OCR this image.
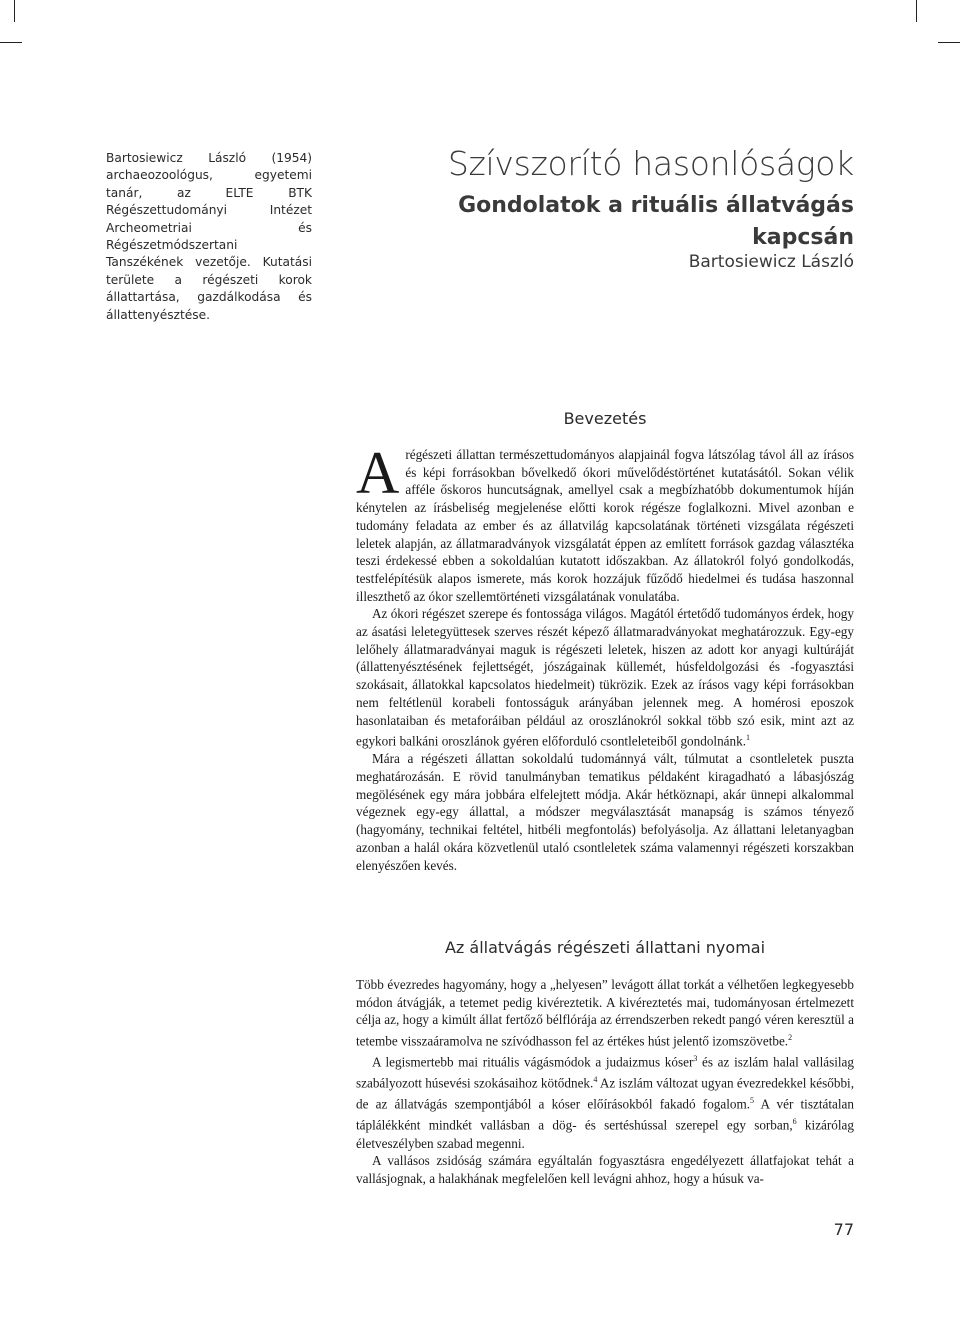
Bartosiewicz László (1954) archaeozoológus, egyetemi tanár, az ELTE BTK Régészettudományi Intézet Archeometriai és Régészetmódszertani Tanszékének vezetője. Kutatási területe a régészeti korok állattartása, gazdálkodása és állattenyésztése.
Szívszorító hasonlóságok
Gondolatok a rituális állatvágás kapcsán
Bartosiewicz László
Bevezetés

A régészeti állattan természettudományos alapjainál fogva látszólag távol áll az írásos és képi forrásokban bővelkedő ókori művelődéstörténet kutatásától. Sokan vélik afféle őskoros huncutságnak, amellyel csak a megbízhatóbb dokumentumok híján kénytelen az írásbeliség megjelenése előtti korok régésze foglalkozni. Mivel azonban e tudomány feladata az ember és az állatvilág kapcsolatának történeti vizsgálata régészeti leletek alapján, az állatmaradványok vizsgálatát éppen az említett források gazdag választéka teszi érdekessé ebben a sokoldalúan kutatott időszakban. Az állatokról folyó gondolkodás, testfelépítésük alapos ismerete, más korok hozzájuk fűződő hiedelmei és tudása haszonnal illeszthető az ókor szellemtörténeti vizsgálatának vonulatába.

Az ókori régészet szerepe és fontossága világos. Magától értetődő tudományos érdek, hogy az ásatási leletegyüttesek szerves részét képező állatmaradványokat meghatározzuk. Egy-egy lelőhely állatmaradványai maguk is régészeti leletek, hiszen az adott kor anyagi kultúráját (állattenyésztésének fejlettségét, jószágainak küllemét, húsfeldolgozási és -fogyasztási szokásait, állatokkal kapcsolatos hiedelmeit) tükrözik. Ezek az írásos vagy képi forrásokban nem feltétlenül korabeli fontosságuk arányában jelennek meg. A homérosi eposzok hasonlataiban és metaforáiban például az oroszlánokról sokkal több szó esik, mint azt az egykori balkáni oroszlánok gyéren előforduló csontleleteiből gondolnánk.$^1$

Mára a régészeti állattan sokoldalú tudománnyá vált, túlmutat a csontleletek puszta meghatározásán. E rövid tanulmányban tematikus példaként kiragadható a lábasjószág megölésének egy mára jobbára elfelejtett módja. Akár hétköznapi, akár ünnepi alkalommal végeznek egy-egy állattal, a módszer megválasztását manapság is számos tényező (hagyomány, technikai feltétel, hitbéli megfontolás) befolyásolja. Az állattani leletanyagban azonban a halál okára közvetlenül utaló csontleletek száma valamennyi régészeti korszakban elenyészően kevés.

Az állatvágás régészeti állattani nyomai

Több évezredes hagyomány, hogy a „helyesen” levágott állat torkát a vélhetően legkegyesebb módon átvágják, a tetemet pedig kivéreztetik. A kivéreztetés mai, tudományosan értelmezett célja az, hogy a kimúlt állat fertőző bélflórája az érrendszerben rekedt pangó véren keresztül a tetembe visszaáramolva ne szívódhasson fel az értékes húst jelentő izomszövetbe.$^2$

A legismertebb mai rituális vágásmódok a judaizmus kóser$^3$ és az iszlám halal vallásilag szabályozott húsevési szokásaihoz kötődnek.$^4$ Az iszlám változat ugyan évezredekkel későbbi, de az állatvágás szempontjából a kóser előírásokból fakadó fogalom.$^5$ A vér tisztátalan táplálékként mindkét vallásban a dög- és sertéshússal szerepel egy sorban,$^6$ kizárólag életveszélyben szabad megenni.

A vallásos zsidóság számára egyáltalán fogyasztásra engedélyezett állatfajokat tehát a vallásjognak, a halakhának megfelelően kell levágni ahhoz, hogy a húsuk va-

77
